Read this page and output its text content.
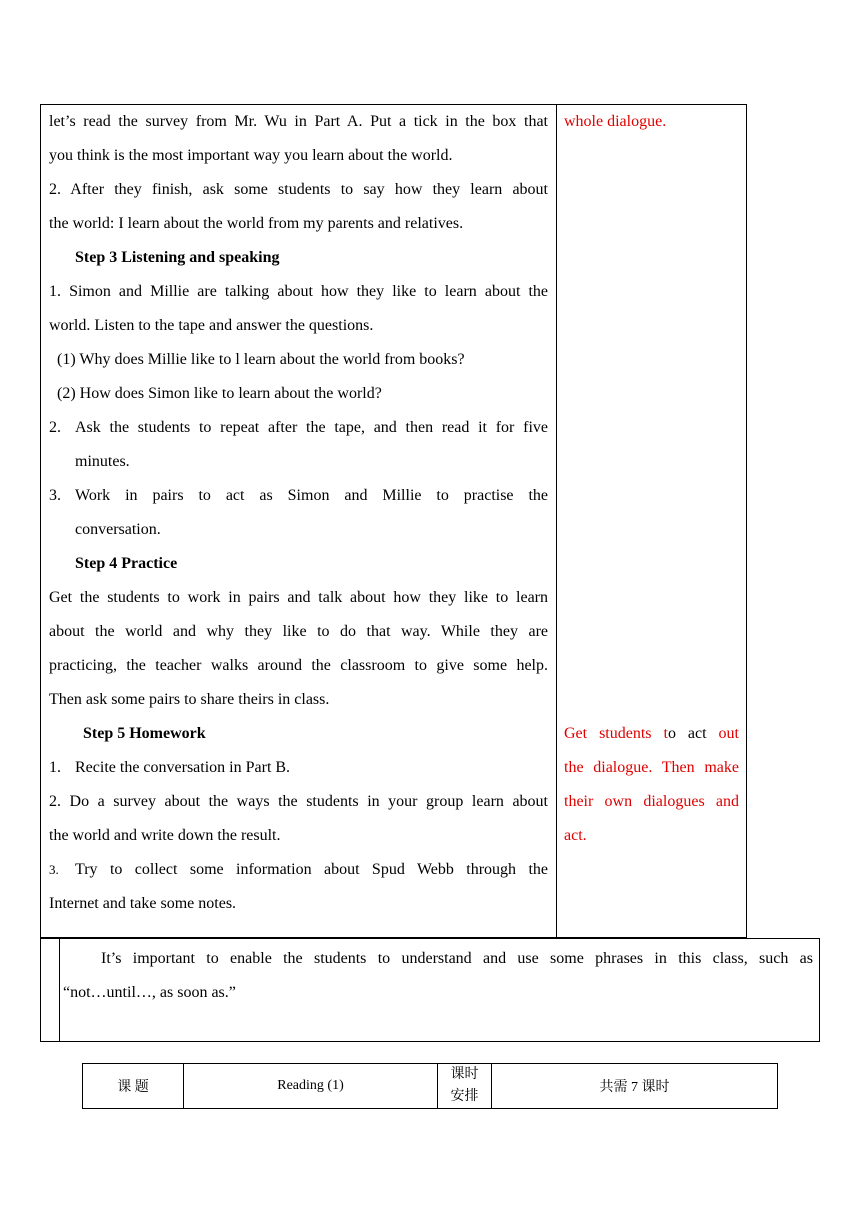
let’s read the survey from Mr. Wu in Part A. Put a tick in the box that
you think is the most important way you learn about the world.
2. After they finish, ask some students to say how they learn about
the world: I learn about the world from my parents and relatives.
Step 3 Listening and speaking
1. Simon and Millie are talking about how they like to learn about the
world. Listen to the tape and answer the questions.
(1) Why does Millie like to l learn about the world from books?
(2) How does Simon like to learn about the world?
2. Ask the students to repeat after the tape, and then read it for five
minutes.
3. Work in pairs to act as Simon and Millie to practise the
conversation.
Step 4 Practice
Get the students to work in pairs and talk about how they like to learn
about the world and why they like to do that way. While they are
practicing, the teacher walks around the classroom to give some help.
Then ask some pairs to share theirs in class.
Step 5 Homework
1. Recite the conversation in Part B.
2. Do a survey about the ways the students in your group learn about
the world and write down the result.
3. Try to collect some information about Spud Webb through the
Internet and take some notes.
whole dialogue.
Get students to act out
the dialogue. Then make
their own dialogues and
act.
It’s important to enable the students to understand and use some phrases in this class, such as
“not…until…, as soon as.”
课 题	Reading (1)
课时
安排
共需 7 课时
